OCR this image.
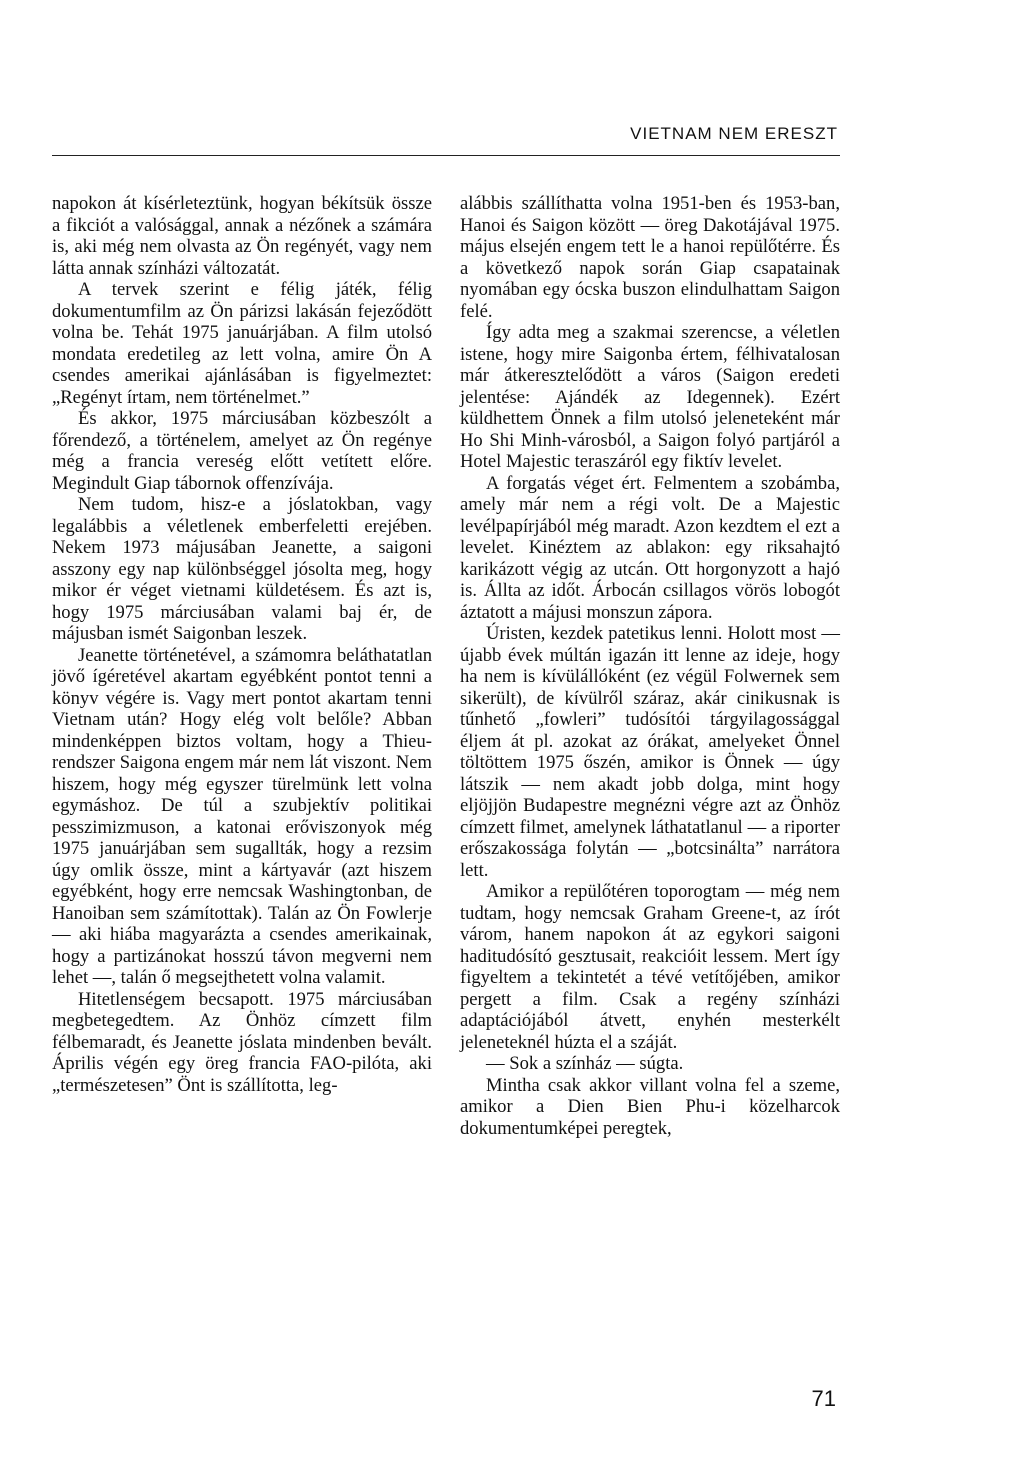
VIETNAM NEM ERESZT

napokon át kísérleteztünk, hogyan békítsük össze a fikciót a valósággal, annak a nézőnek a számára is, aki még nem olvasta az Ön regényét, vagy nem látta annak színházi változatát.

A tervek szerint e félig játék, félig dokumentumfilm az Ön párizsi lakásán fejeződött volna be. Tehát 1975 januárjában. A film utolsó mondata eredetileg az lett volna, amire Ön A csendes amerikai ajánlásában is figyelmeztet: „Regényt írtam, nem történelmet.”

És akkor, 1975 márciusában közbeszólt a főrendező, a történelem, amelyet az Ön regénye még a francia vereség előtt vetített előre. Megindult Giap tábornok offenzívája.

Nem tudom, hisz-e a jóslatokban, vagy legalábbis a véletlenek emberfeletti erejében. Nekem 1973 májusában Jeanette, a saigoni asszony egy nap különbséggel jósolta meg, hogy mikor ér véget vietnami küldetésem. És azt is, hogy 1975 márciusában valami baj ér, de májusban ismét Saigonban leszek.

Jeanette történetével, a számomra beláthatatlan jövő ígéretével akartam egyébként pontot tenni a könyv végére is. Vagy mert pontot akartam tenni Vietnam után? Hogy elég volt belőle? Abban mindenképpen biztos voltam, hogy a Thieu-rendszer Saigona engem már nem lát viszont. Nem hiszem, hogy még egyszer türelmünk lett volna egymáshoz. De túl a szubjektív politikai pesszimizmuson, a katonai erőviszonyok még 1975 januárjában sem sugallták, hogy a rezsim úgy omlik össze, mint a kártyavár (azt hiszem egyébként, hogy erre nemcsak Washingtonban, de Hanoiban sem számítottak). Talán az Ön Fowlerje — aki hiába magyarázta a csendes amerikainak, hogy a partizánokat hosszú távon megverni nem lehet —, talán ő megsejthetett volna valamit.

Hitetlenségem becsapott. 1975 márciusában megbetegedtem. Az Önhöz címzett film félbemaradt, és Jeanette jóslata mindenben bevált. Április végén egy öreg francia FAO-pilóta, aki „természetesen” Önt is szállította, leg-

alábbis szállíthatta volna 1951-ben és 1953-ban, Hanoi és Saigon között — öreg Dakotájával 1975. május elsején engem tett le a hanoi repülőtérre. És a következő napok során Giap csapatainak nyomában egy ócska buszon elindulhattam Saigon felé.

Így adta meg a szakmai szerencse, a véletlen istene, hogy mire Saigonba értem, félhivatalosan már átkeresztelődött a város (Saigon eredeti jelentése: Ajándék az Idegennek). Ezért küldhettem Önnek a film utolsó jeleneteként már Ho Shi Minh-városból, a Saigon folyó partjáról a Hotel Majestic teraszáról egy fiktív levelet.

A forgatás véget ért. Felmentem a szobámba, amely már nem a régi volt. De a Majestic levélpapírjából még maradt. Azon kezdtem el ezt a levelet. Kinéztem az ablakon: egy riksahajtó karikázott végig az utcán. Ott horgonyzott a hajó is. Állta az időt. Árbocán csillagos vörös lobogót áztatott a májusi monszun zápora.

Úristen, kezdek patetikus lenni. Holott most — újabb évek múltán igazán itt lenne az ideje, hogy ha nem is kívülállóként (ez végül Folwernek sem sikerült), de kívülről száraz, akár cinikusnak is tűnhető „fowleri” tudósítói tárgyilagossággal éljem át pl. azokat az órákat, amelyeket Önnel töltöttem 1975 őszén, amikor is Önnek — úgy látszik — nem akadt jobb dolga, mint hogy eljöjjön Budapestre megnézni végre azt az Önhöz címzett filmet, amelynek láthatatlanul — a riporter erőszakossága folytán — „botcsinálta” narrátora lett.

Amikor a repülőtéren toporogtam — még nem tudtam, hogy nemcsak Graham Greene-t, az írót várom, hanem napokon át az egykori saigoni haditudósító gesztusait, reakcióit lessem. Mert így figyeltem a tekintetét a tévé vetítőjében, amikor pergett a film. Csak a regény színházi adaptációjából átvett, enyhén mesterkélt jeleneteknél húzta el a száját.

— Sok a színház — súgta.

Mintha csak akkor villant volna fel a szeme, amikor a Dien Bien Phu-i közelharcok dokumentumképei peregtek,

71
